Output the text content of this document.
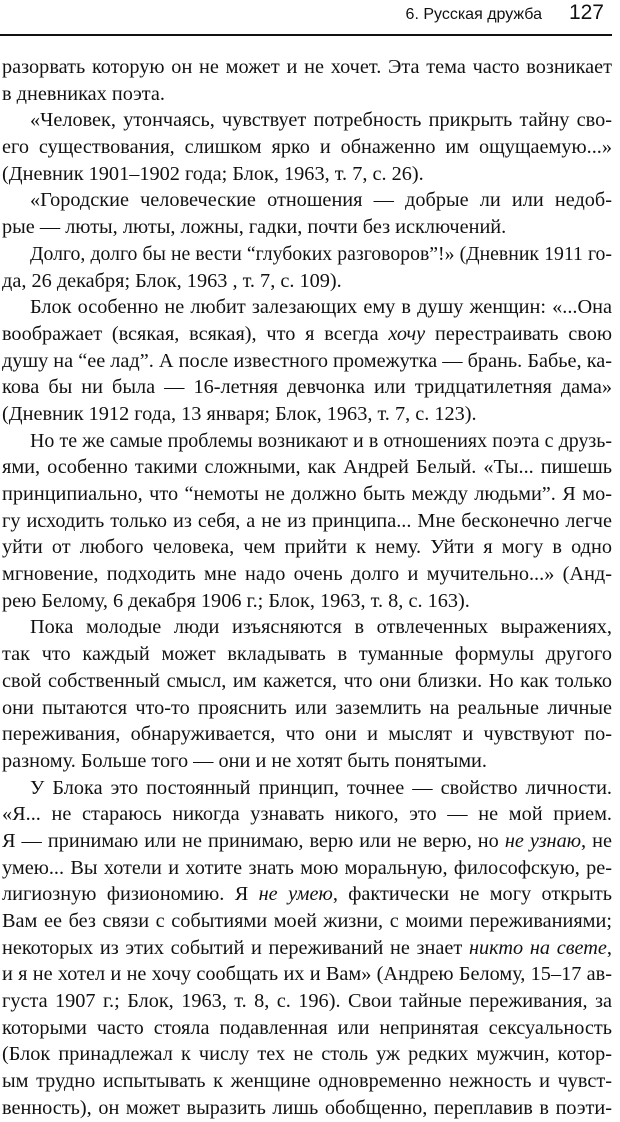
6. Русская дружба 127
разорвать которую он не может и не хочет. Эта тема часто возникает
в дневниках поэта.
«Человек, утончаясь, чувствует потребность прикрыть тайну сво-
его существования, слишком ярко и обнаженно им ощущаемую...»
(Дневник 1901–1902 года; Блок, 1963, т. 7, с. 26).
«Городские человеческие отношения — добрые ли или недоб-
рые — люты, люты, ложны, гадки, почти без исключений.
Долго, долго бы не вести “глубоких разговоров”!» (Дневник 1911 го-
да, 26 декабря; Блок, 1963 , т. 7, с. 109).
Блок особенно не любит залезающих ему в душу женщин: «...Она
воображает (всякая, всякая), что я всегда хочу перестраивать свою
душу на “ее лад”. А после известного промежутка — брань. Бабье, ка-
кова бы ни была — 16-летняя девчонка или тридцатилетняя дама»
(Дневник 1912 года, 13 января; Блок, 1963, т. 7, с. 123).
Но те же самые проблемы возникают и в отношениях поэта с друзь-
ями, особенно такими сложными, как Андрей Белый. «Ты... пишешь
принципиально, что “немоты не должно быть между людьми”. Я мо-
гу исходить только из себя, а не из принципа... Мне бесконечно легче
уйти от любого человека, чем прийти к нему. Уйти я могу в одно
мгновение, подходить мне надо очень долго и мучительно...» (Анд-
рею Белому, 6 декабря 1906 г.; Блок, 1963, т. 8, с. 163).
Пока молодые люди изъясняются в отвлеченных выражениях,
так что каждый может вкладывать в туманные формулы другого
свой собственный смысл, им кажется, что они близки. Но как только
они пытаются что-то прояснить или заземлить на реальные личные
переживания, обнаруживается, что они и мыслят и чувствуют по-
разному. Больше того — они и не хотят быть понятыми.
У Блока это постоянный принцип, точнее — свойство личности.
«Я... не стараюсь никогда узнавать никого, это — не мой прием.
Я — принимаю или не принимаю, верю или не верю, но не узнаю, не
умею... Вы хотели и хотите знать мою моральную, философскую, ре-
лигиозную физиономию. Я не умею, фактически не могу открыть
Вам ее без связи с событиями моей жизни, с моими переживаниями;
некоторых из этих событий и переживаний не знает никто на свете,
и я не хотел и не хочу сообщать их и Вам» (Андрею Белому, 15–17 ав-
густа 1907 г.; Блок, 1963, т. 8, с. 196). Свои тайные переживания, за
которыми часто стояла подавленная или непринятая сексуальность
(Блок принадлежал к числу тех не столь уж редких мужчин, котор-
ым трудно испытывать к женщине одновременно нежность и чувст-
венность), он может выразить лишь обобщенно, переплавив в поэти-
